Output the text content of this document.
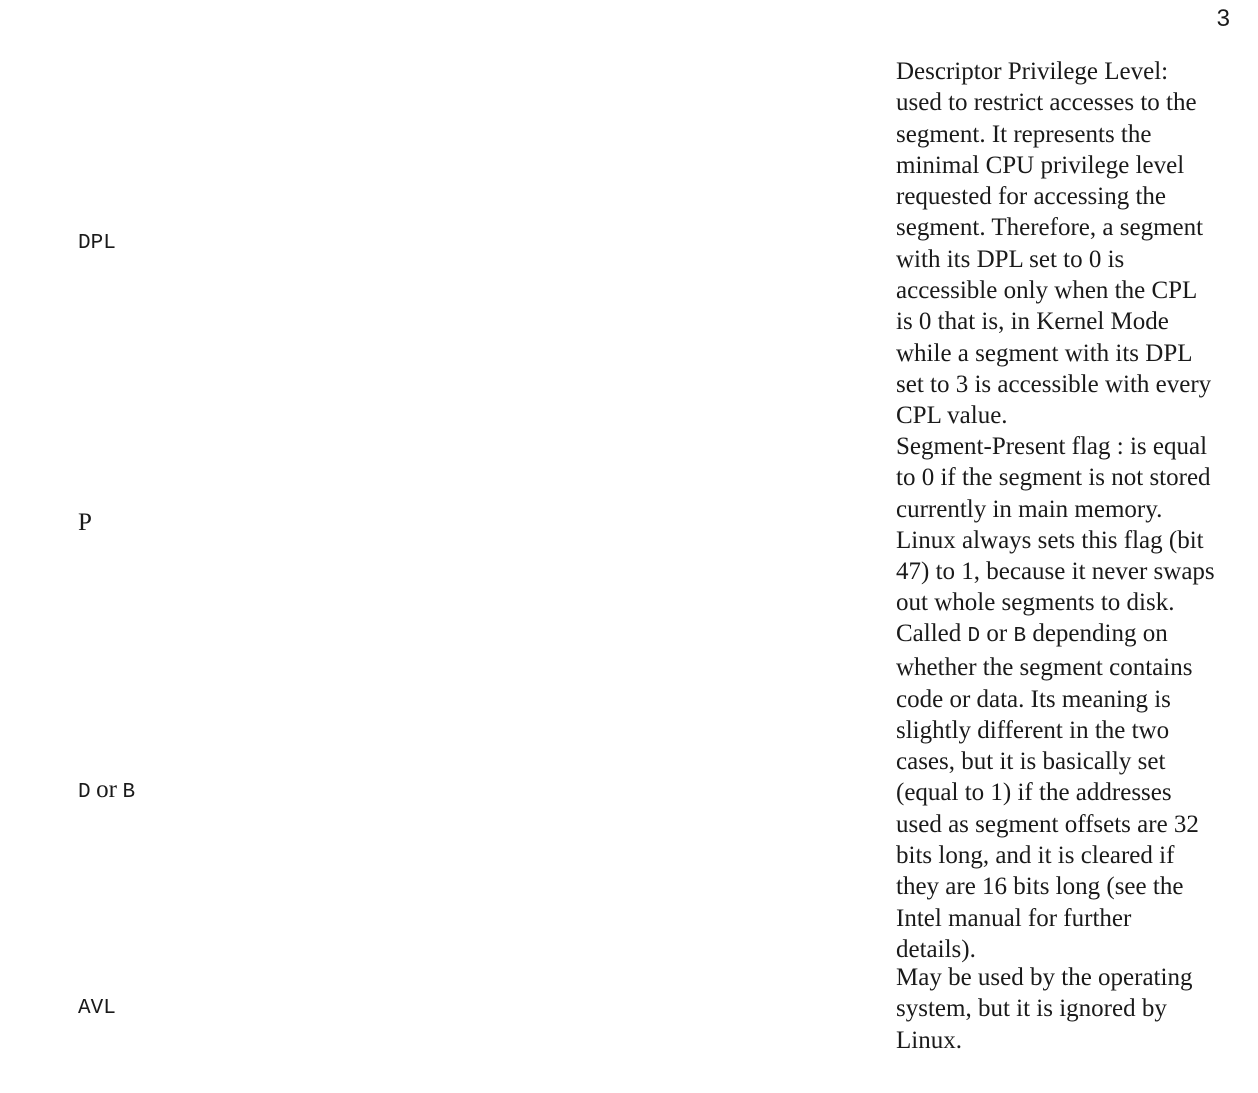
3
DPL

Descriptor Privilege Level:
used to restrict accesses to the
segment. It represents the
minimal CPU privilege level
requested for accessing the
segment. Therefore, a segment
with its DPL set to 0 is
accessible only when the CPL
is 0 that is, in Kernel Mode
while a segment with its DPL
set to 3 is accessible with every
CPL value.

P

Segment-Present flag : is equal
to 0 if the segment is not stored
currently in main memory.
Linux always sets this flag (bit
47) to 1, because it never swaps
out whole segments to disk.

D or B

Called D or B depending on
whether the segment contains
code or data. Its meaning is
slightly different in the two
cases, but it is basically set
(equal to 1) if the addresses
used as segment offsets are 32
bits long, and it is cleared if
they are 16 bits long (see the
Intel manual for further
details).

AVL

May be used by the operating
system, but it is ignored by
Linux.
